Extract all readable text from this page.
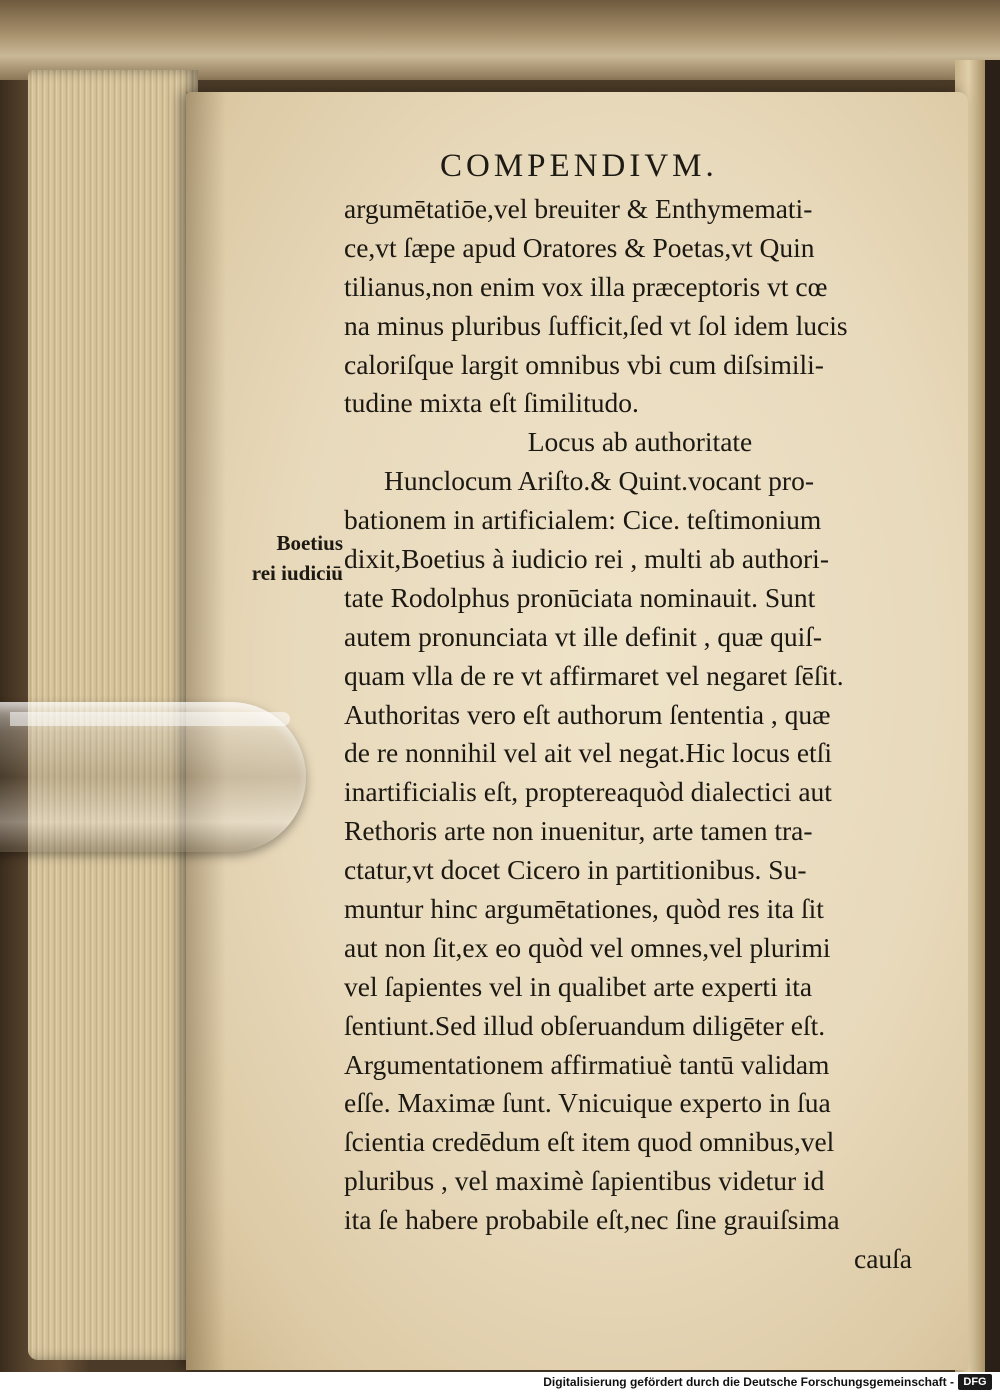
COMPENDIVM.
Boetius
rei iudiciū
argumētatiōe,vel breuiter & Enthymemati-
ce,vt ſæpe apud Oratores & Poetas,vt Quin
tilianus,non enim vox illa præceptoris vt cœ
na minus pluribus ſufficit,ſed vt ſol idem lucis
caloriſque largit omnibus vbi cum diſsimili-
tudine mixta eſt ſimilitudo.
Locus ab authoritate
Hunclocum Ariſto.& Quint.vocant pro-
bationem in artificialem: Cice. teſtimonium
dixit,Boetius à iudicio rei , multi ab authori-
tate Rodolphus pronūciata nominauit. Sunt
autem pronunciata vt ille definit , quæ quiſ-
quam vlla de re vt affirmaret vel negaret ſēſit.
Authoritas vero eſt authorum ſententia , quæ
de re nonnihil vel ait vel negat.Hic locus etſi
inartificialis eſt, proptereaquòd dialectici aut
Rethoris arte non inuenitur, arte tamen tra-
ctatur,vt docet Cicero in partitionibus. Su-
muntur hinc argumētationes, quòd res ita ſit
aut non ſit,ex eo quòd vel omnes,vel plurimi
vel ſapientes vel in qualibet arte experti ita
ſentiunt.Sed illud obſeruandum diligēter eſt.
Argumentationem affirmatiuè tantū validam
eſſe. Maximæ ſunt. Vnicuique experto in ſua
ſcientia credēdum eſt item quod omnibus,vel
pluribus , vel maximè ſapientibus videtur id
ita ſe habere probabile eſt,nec ſine grauiſsima
cauſa
Digitalisierung gefördert durch die Deutsche Forschungsgemeinschaft - DFG
